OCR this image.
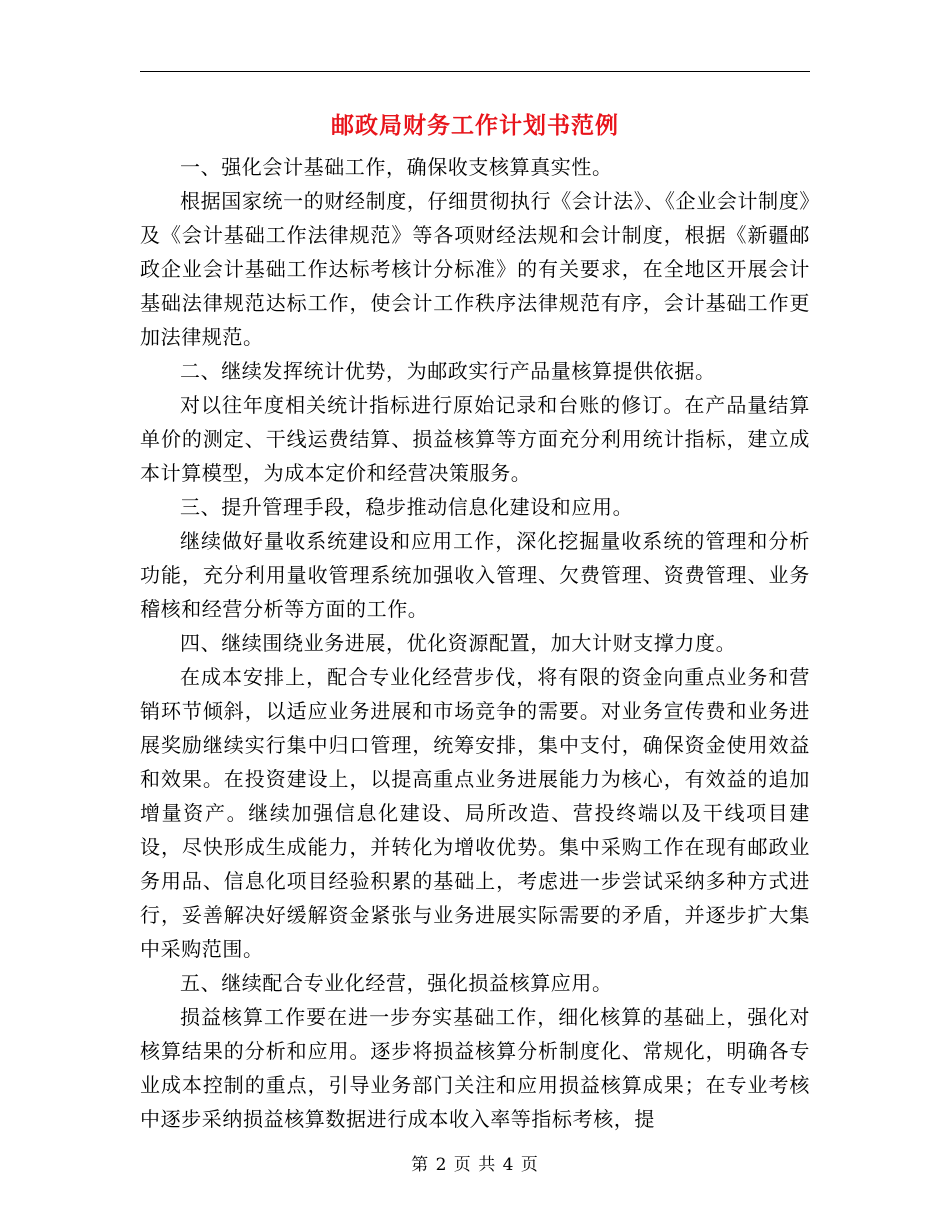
邮政局财务工作计划书范例

一、强化会计基础工作，确保收支核算真实性。

根据国家统一的财经制度，仔细贯彻执行《会计法》、《企业会计制度》及《会计基础工作法律规范》等各项财经法规和会计制度，根据《新疆邮政企业会计基础工作达标考核计分标准》的有关要求，在全地区开展会计基础法律规范达标工作，使会计工作秩序法律规范有序，会计基础工作更加法律规范。

二、继续发挥统计优势，为邮政实行产品量核算提供依据。

对以往年度相关统计指标进行原始记录和台账的修订。在产品量结算单价的测定、干线运费结算、损益核算等方面充分利用统计指标，建立成本计算模型，为成本定价和经营决策服务。

三、提升管理手段，稳步推动信息化建设和应用。

继续做好量收系统建设和应用工作，深化挖掘量收系统的管理和分析功能，充分利用量收管理系统加强收入管理、欠费管理、资费管理、业务稽核和经营分析等方面的工作。

四、继续围绕业务进展，优化资源配置，加大计财支撑力度。

在成本安排上，配合专业化经营步伐，将有限的资金向重点业务和营销环节倾斜，以适应业务进展和市场竞争的需要。对业务宣传费和业务进展奖励继续实行集中归口管理，统筹安排，集中支付，确保资金使用效益和效果。在投资建设上，以提高重点业务进展能力为核心，有效益的追加增量资产。继续加强信息化建设、局所改造、营投终端以及干线项目建设，尽快形成生成能力，并转化为增收优势。集中采购工作在现有邮政业务用品、信息化项目经验积累的基础上，考虑进一步尝试采纳多种方式进行，妥善解决好缓解资金紧张与业务进展实际需要的矛盾，并逐步扩大集中采购范围。

五、继续配合专业化经营，强化损益核算应用。

损益核算工作要在进一步夯实基础工作，细化核算的基础上，强化对核算结果的分析和应用。逐步将损益核算分析制度化、常规化，明确各专业成本控制的重点，引导业务部门关注和应用损益核算成果；在专业考核中逐步采纳损益核算数据进行成本收入率等指标考核，提

第 2 页 共 4 页
